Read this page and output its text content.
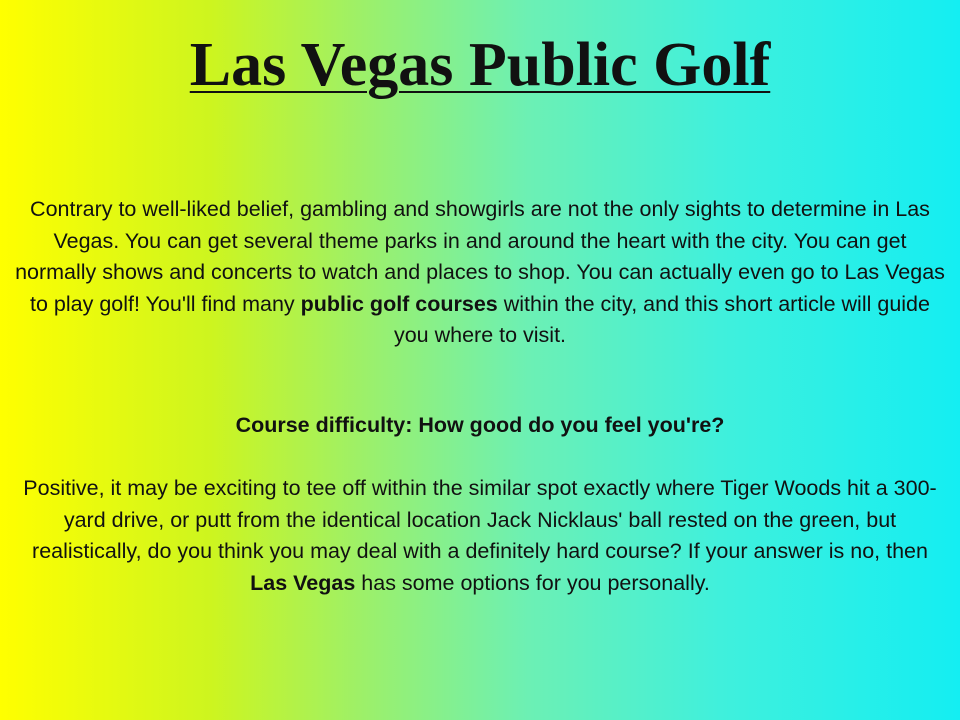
Las Vegas Public Golf

Contrary to well-liked belief, gambling and showgirls are not the only sights to determine in Las Vegas. You can get several theme parks in and around the heart with the city. You can get normally shows and concerts to watch and places to shop. You can actually even go to Las Vegas to play golf! You'll find many public golf courses within the city, and this short article will guide you where to visit.

Course difficulty: How good do you feel you're?

Positive, it may be exciting to tee off within the similar spot exactly where Tiger Woods hit a 300-yard drive, or putt from the identical location Jack Nicklaus' ball rested on the green, but realistically, do you think you may deal with a definitely hard course? If your answer is no, then Las Vegas has some options for you personally.
